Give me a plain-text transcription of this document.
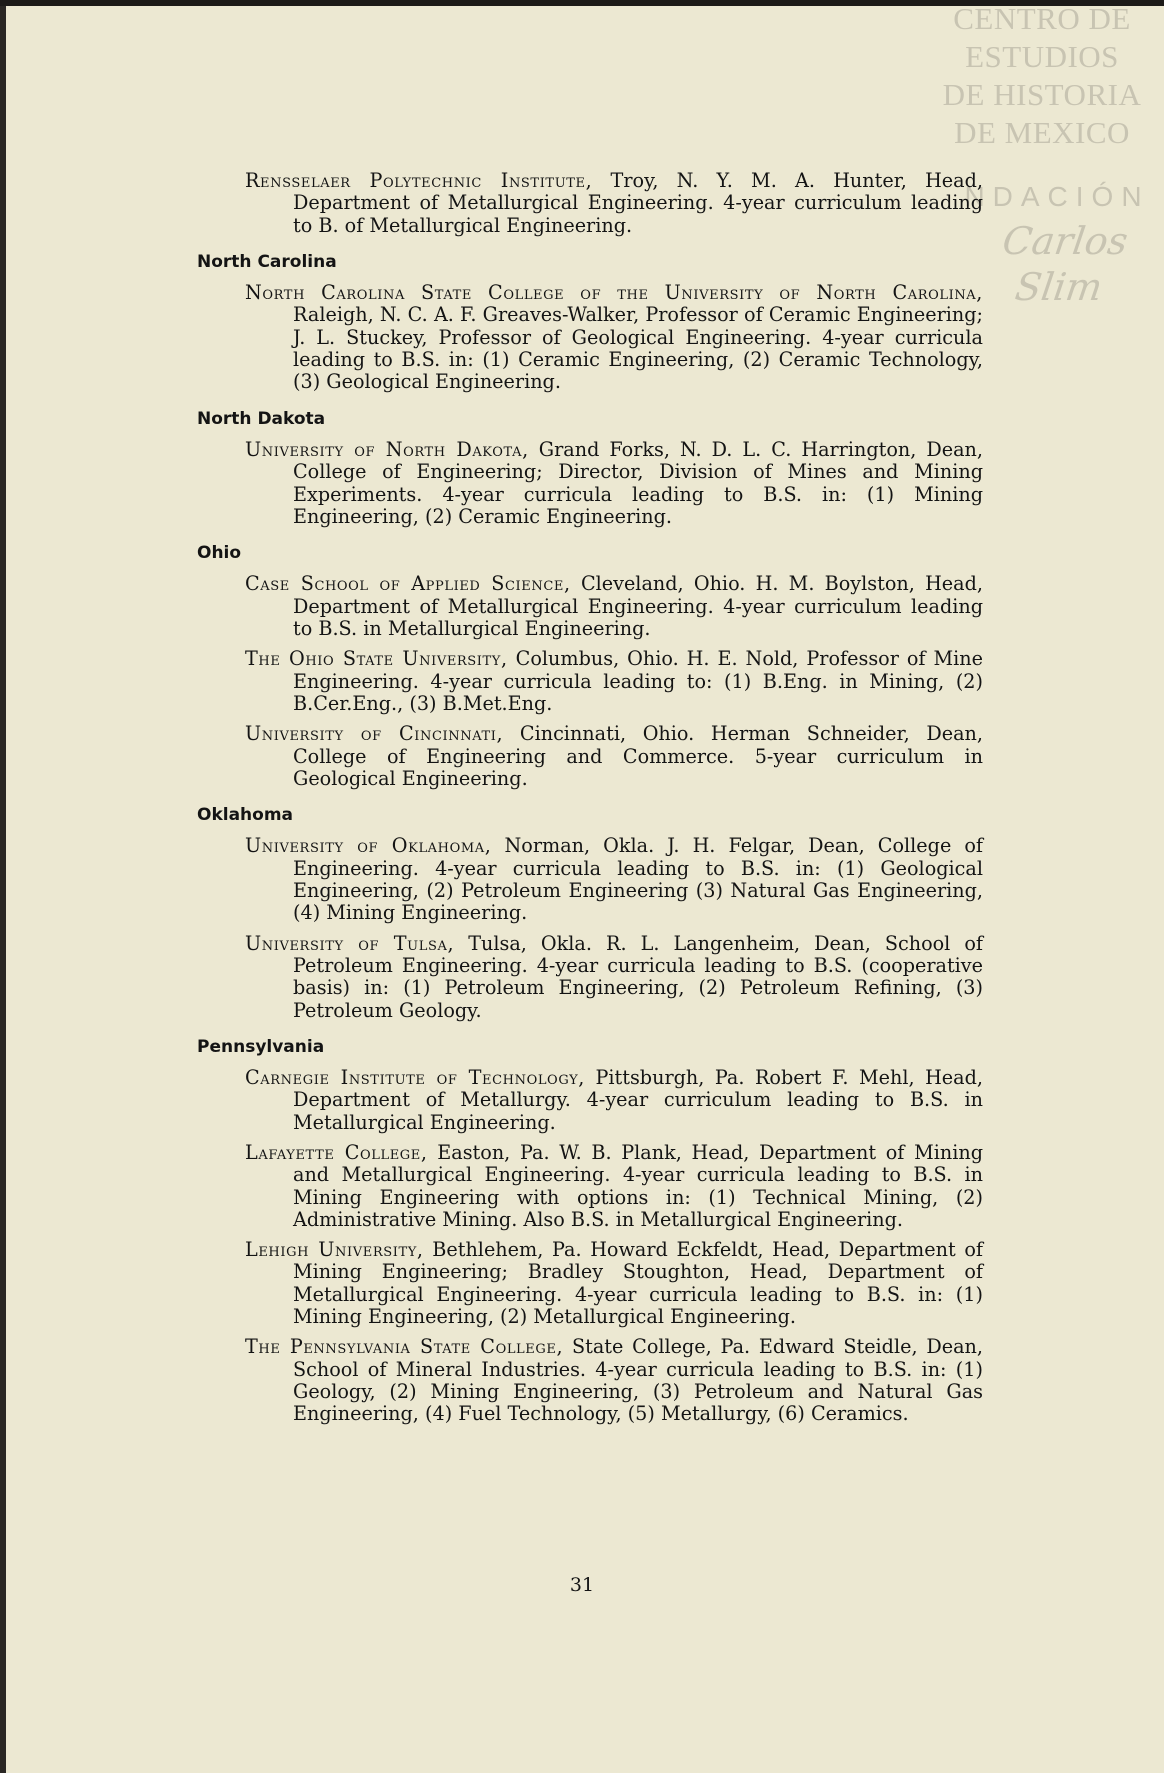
CENTRO DE
ESTUDIOS
DE HISTORIA
DE MEXICO
NDACIÓN
Carlos Slim

Rensselaer Polytechnic Institute, Troy, N. Y. M. A. Hunter, Head, Department of Metallurgical Engineering. 4-year curriculum leading to B. of Metallurgical Engineering.

North Carolina

North Carolina State College of the University of North Carolina, Raleigh, N. C. A. F. Greaves-Walker, Professor of Ceramic Engineering; J. L. Stuckey, Professor of Geological Engineering. 4-year curricula leading to B.S. in: (1) Ceramic Engineering, (2) Ceramic Technology, (3) Geological Engineering.

North Dakota

University of North Dakota, Grand Forks, N. D. L. C. Harrington, Dean, College of Engineering; Director, Division of Mines and Mining Experiments. 4-year curricula leading to B.S. in: (1) Mining Engineering, (2) Ceramic Engineering.

Ohio

Case School of Applied Science, Cleveland, Ohio. H. M. Boylston, Head, Department of Metallurgical Engineering. 4-year curriculum leading to B.S. in Metallurgical Engineering.

The Ohio State University, Columbus, Ohio. H. E. Nold, Professor of Mine Engineering. 4-year curricula leading to: (1) B.Eng. in Mining, (2) B.Cer.Eng., (3) B.Met.Eng.

University of Cincinnati, Cincinnati, Ohio. Herman Schneider, Dean, College of Engineering and Commerce. 5-year curriculum in Geological Engineering.

Oklahoma

University of Oklahoma, Norman, Okla. J. H. Felgar, Dean, College of Engineering. 4-year curricula leading to B.S. in: (1) Geological Engineering, (2) Petroleum Engineering (3) Natural Gas Engineering, (4) Mining Engineering.

University of Tulsa, Tulsa, Okla. R. L. Langenheim, Dean, School of Petroleum Engineering. 4-year curricula leading to B.S. (cooperative basis) in: (1) Petroleum Engineering, (2) Petroleum Refining, (3) Petroleum Geology.

Pennsylvania

Carnegie Institute of Technology, Pittsburgh, Pa. Robert F. Mehl, Head, Department of Metallurgy. 4-year curriculum leading to B.S. in Metallurgical Engineering.

Lafayette College, Easton, Pa. W. B. Plank, Head, Department of Mining and Metallurgical Engineering. 4-year curricula leading to B.S. in Mining Engineering with options in: (1) Technical Mining, (2) Administrative Mining. Also B.S. in Metallurgical Engineering.

Lehigh University, Bethlehem, Pa. Howard Eckfeldt, Head, Department of Mining Engineering; Bradley Stoughton, Head, Department of Metallurgical Engineering. 4-year curricula leading to B.S. in: (1) Mining Engineering, (2) Metallurgical Engineering.

The Pennsylvania State College, State College, Pa. Edward Steidle, Dean, School of Mineral Industries. 4-year curricula leading to B.S. in: (1) Geology, (2) Mining Engineering, (3) Petroleum and Natural Gas Engineering, (4) Fuel Technology, (5) Metallurgy, (6) Ceramics.

31
